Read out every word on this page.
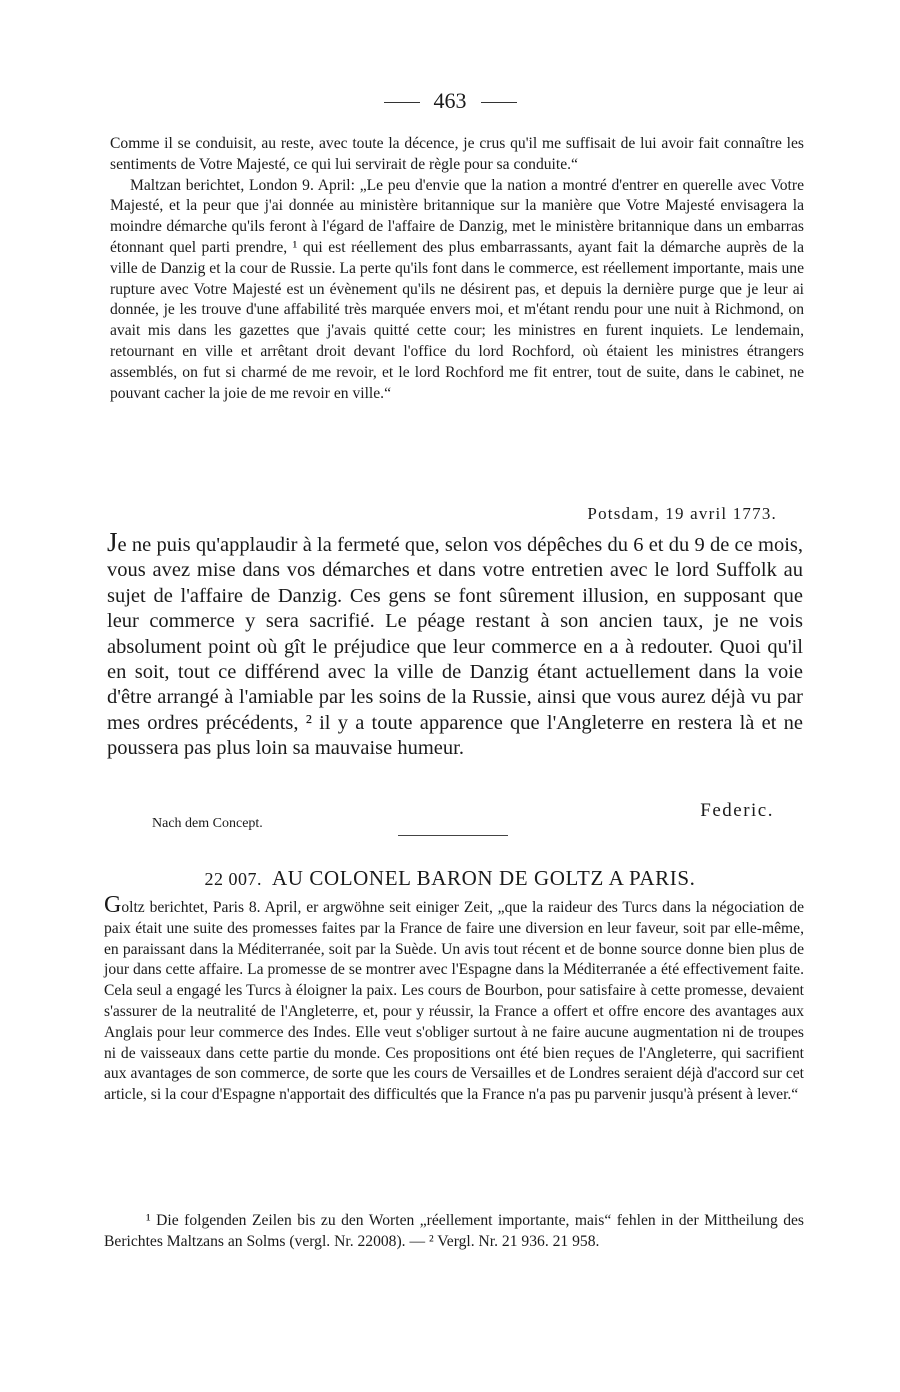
463

Comme il se conduisit, au reste, avec toute la décence, je crus qu'il me suffisait de lui avoir fait connaître les sentiments de Votre Majesté, ce qui lui servirait de règle pour sa conduite.“

Maltzan berichtet, London 9. April: „Le peu d'envie que la nation a montré d'entrer en querelle avec Votre Majesté, et la peur que j'ai donnée au ministère britannique sur la manière que Votre Majesté envisagera la moindre démarche qu'ils feront à l'égard de l'affaire de Danzig, met le ministère britannique dans un embarras étonnant quel parti prendre, ¹ qui est réellement des plus embarrassants, ayant fait la démarche auprès de la ville de Danzig et la cour de Russie. La perte qu'ils font dans le commerce, est réellement importante, mais une rupture avec Votre Majesté est un évènement qu'ils ne désirent pas, et depuis la dernière purge que je leur ai donnée, je les trouve d'une affabilité très marquée envers moi, et m'étant rendu pour une nuit à Richmond, on avait mis dans les gazettes que j'avais quitté cette cour; les ministres en furent inquiets. Le lendemain, retournant en ville et arrêtant droit devant l'office du lord Rochford, où étaient les ministres étrangers assemblés, on fut si charmé de me revoir, et le lord Rochford me fit entrer, tout de suite, dans le cabinet, ne pouvant cacher la joie de me revoir en ville.“

Potsdam, 19 avril 1773.

Je ne puis qu'applaudir à la fermeté que, selon vos dépêches du 6 et du 9 de ce mois, vous avez mise dans vos démarches et dans votre entretien avec le lord Suffolk au sujet de l'affaire de Danzig. Ces gens se font sûrement illusion, en supposant que leur commerce y sera sacrifié. Le péage restant à son ancien taux, je ne vois absolument point où gît le préjudice que leur commerce en a à redouter. Quoi qu'il en soit, tout ce différend avec la ville de Danzig étant actuellement dans la voie d'être arrangé à l'amiable par les soins de la Russie, ainsi que vous aurez déjà vu par mes ordres précédents, ² il y a toute apparence que l'Angleterre en restera là et ne poussera pas plus loin sa mauvaise humeur.

Federic.
Nach dem Concept.
22 007. AU COLONEL BARON DE GOLTZ A PARIS.

Goltz berichtet, Paris 8. April, er argwöhne seit einiger Zeit, „que la raideur des Turcs dans la négociation de paix était une suite des promesses faites par la France de faire une diversion en leur faveur, soit par elle-même, en paraissant dans la Méditerranée, soit par la Suède. Un avis tout récent et de bonne source donne bien plus de jour dans cette affaire. La promesse de se montrer avec l'Espagne dans la Méditerranée a été effectivement faite. Cela seul a engagé les Turcs à éloigner la paix. Les cours de Bourbon, pour satisfaire à cette promesse, devaient s'assurer de la neutralité de l'Angleterre, et, pour y réussir, la France a offert et offre encore des avantages aux Anglais pour leur commerce des Indes. Elle veut s'obliger surtout à ne faire aucune augmentation ni de troupes ni de vaisseaux dans cette partie du monde. Ces propositions ont été bien reçues de l'Angleterre, qui sacrifient aux avantages de son commerce, de sorte que les cours de Versailles et de Londres seraient déjà d'accord sur cet article, si la cour d'Espagne n'apportait des difficultés que la France n'a pas pu parvenir jusqu'à présent à lever.“

¹ Die folgenden Zeilen bis zu den Worten „réellement importante, mais“ fehlen in der Mittheilung des Berichtes Maltzans an Solms (vergl. Nr. 22008). — ² Vergl. Nr. 21 936. 21 958.
